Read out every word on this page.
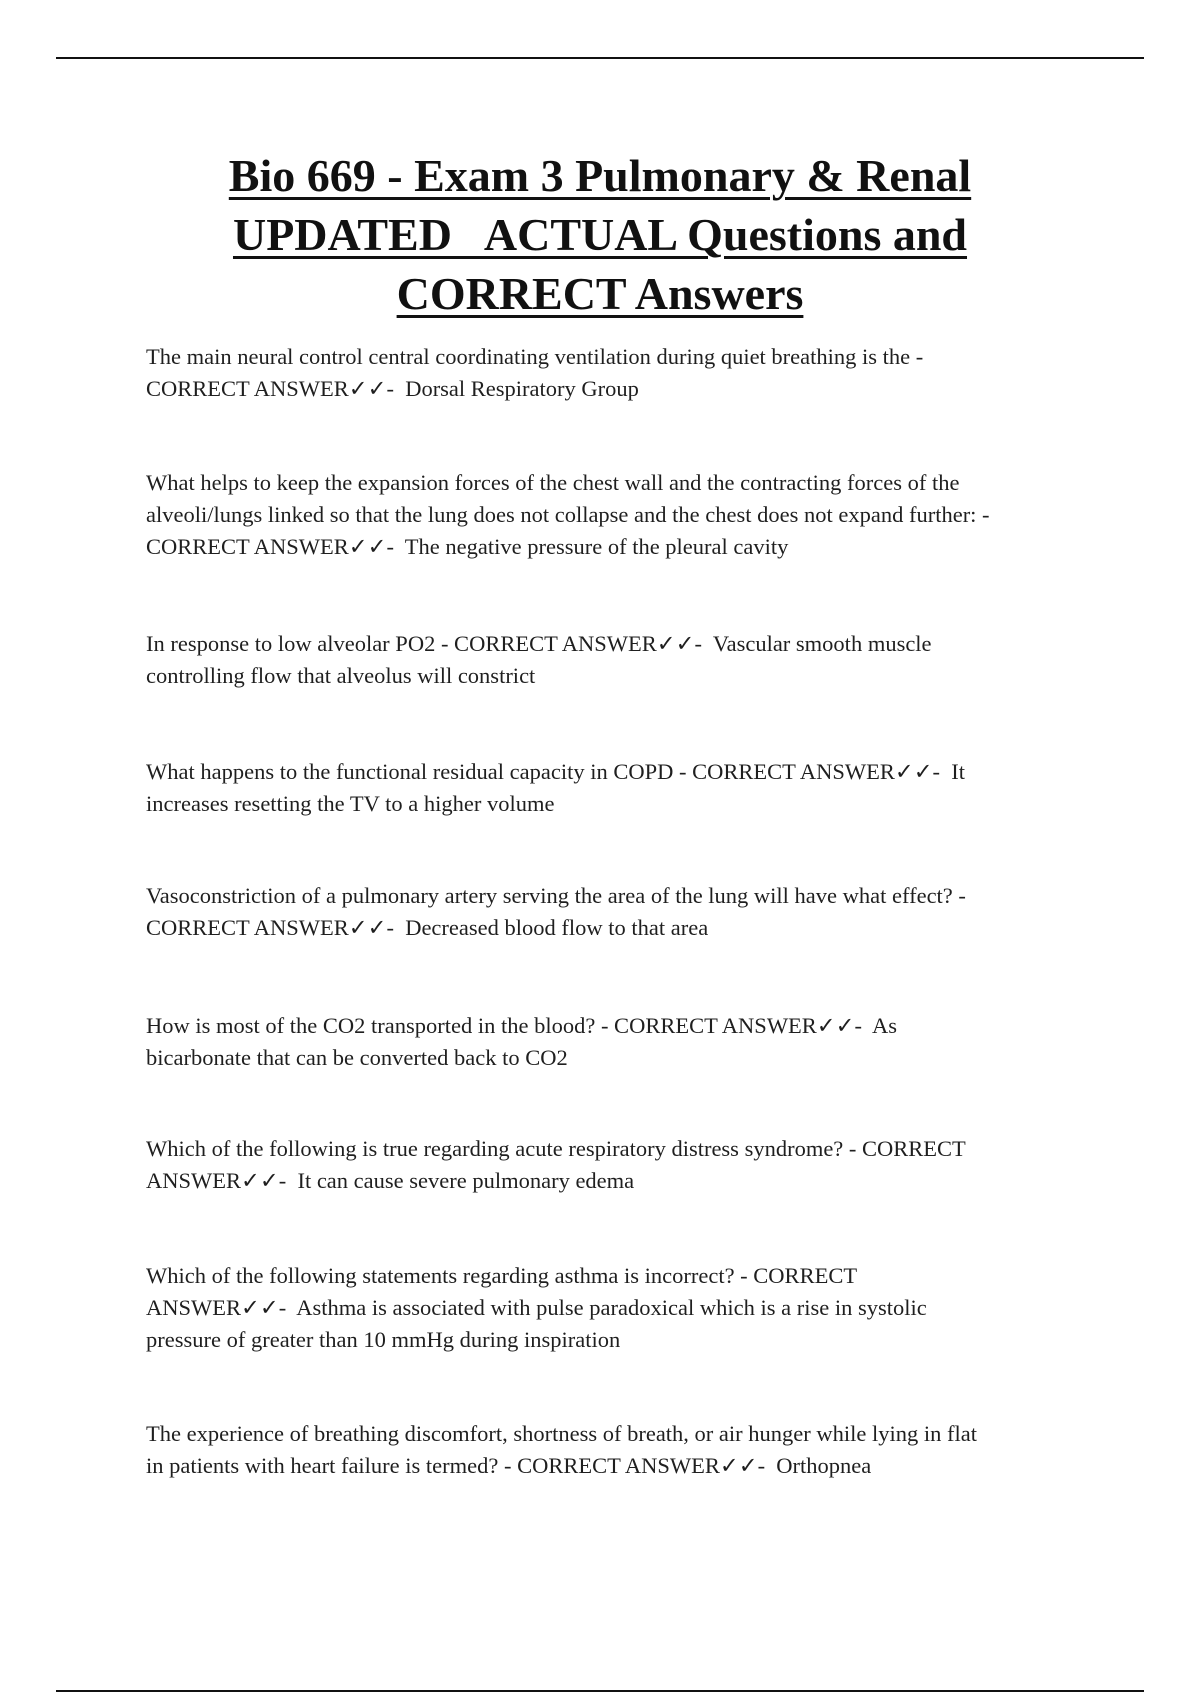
Bio 669 - Exam 3 Pulmonary & Renal
UPDATED   ACTUAL Questions and
CORRECT Answers
The main neural control central coordinating ventilation during quiet breathing is the -
CORRECT ANSWER✓✓-  Dorsal Respiratory Group
What helps to keep the expansion forces of the chest wall and the contracting forces of the
alveoli/lungs linked so that the lung does not collapse and the chest does not expand further: -
CORRECT ANSWER✓✓-  The negative pressure of the pleural cavity
In response to low alveolar PO2 - CORRECT ANSWER✓✓-  Vascular smooth muscle
controlling flow that alveolus will constrict
What happens to the functional residual capacity in COPD - CORRECT ANSWER✓✓-  It
increases resetting the TV to a higher volume
Vasoconstriction of a pulmonary artery serving the area of the lung will have what effect? -
CORRECT ANSWER✓✓-  Decreased blood flow to that area
How is most of the CO2 transported in the blood? - CORRECT ANSWER✓✓-  As
bicarbonate that can be converted back to CO2
Which of the following is true regarding acute respiratory distress syndrome? - CORRECT
ANSWER✓✓-  It can cause severe pulmonary edema
Which of the following statements regarding asthma is incorrect? - CORRECT
ANSWER✓✓-  Asthma is associated with pulse paradoxical which is a rise in systolic
pressure of greater than 10 mmHg during inspiration
The experience of breathing discomfort, shortness of breath, or air hunger while lying in flat
in patients with heart failure is termed? - CORRECT ANSWER✓✓-  Orthopnea
